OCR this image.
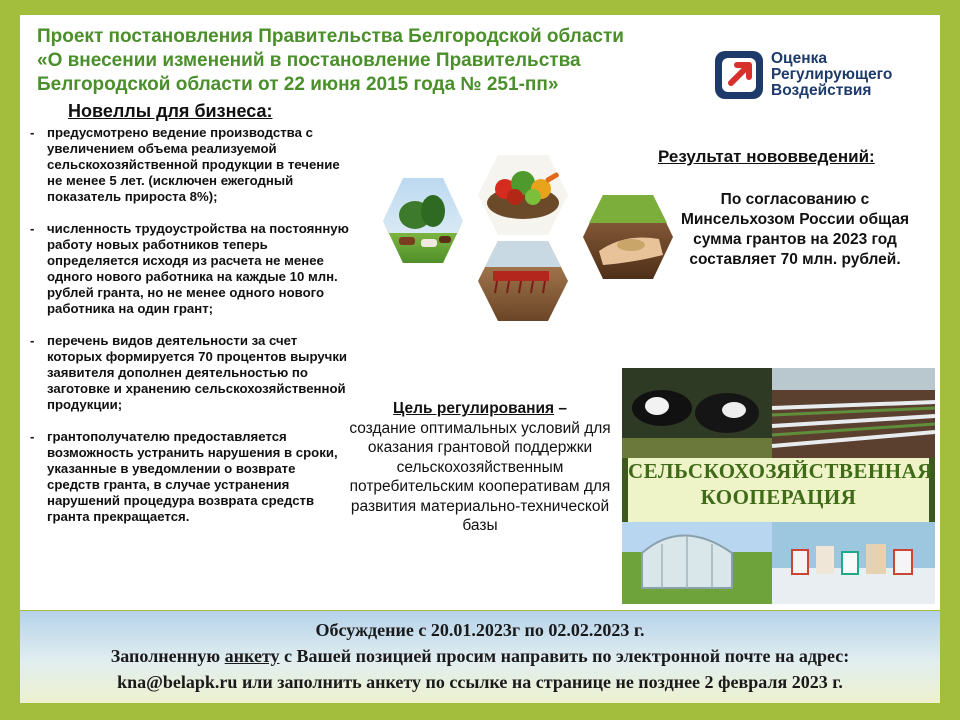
Проект постановления Правительства Белгородской области
«О внесении изменений в постановление Правительства
Белгородской области от 22 июня 2015 года № 251-пп»
Оценка
Регулирующего
Воздействия
Новеллы для бизнеса:
- предусмотрено ведение производства с увеличением объема реализуемой сельскохозяйственной продукции в течение не менее 5 лет. (исключен ежегодный показатель прироста 8%);
- численность трудоустройства на постоянную работу новых работников теперь определяется исходя из расчета не менее одного нового работника на каждые 10 млн. рублей гранта, но не менее одного нового работника на один грант;
- перечень видов деятельности за счет которых формируется 70 процентов выручки заявителя дополнен деятельностью по заготовке и хранению сельскохозяйственной продукции;
- грантополучателю предоставляется возможность устранить нарушения в сроки, указанные в уведомлении о возврате средств гранта, в случае устранения нарушений процедура возврата средств гранта прекращается.
Результат нововведений:
По согласованию с Минсельхозом России общая сумма грантов на 2023 год составляет 70 млн. рублей.
Цель регулирования –
создание оптимальных условий для оказания грантовой поддержки сельскохозяйственным потребительским кооперативам для развития материально-технической базы
СЕЛЬСКОХОЗЯЙСТВЕННАЯ
КООПЕРАЦИЯ
Обсуждение с 20.01.2023г по 02.02.2023 г.
Заполненную анкету с Вашей позицией просим направить по электронной почте на адрес:
kna@belapk.ru или заполнить анкету по ссылке на странице не позднее 2 февраля 2023 г.
